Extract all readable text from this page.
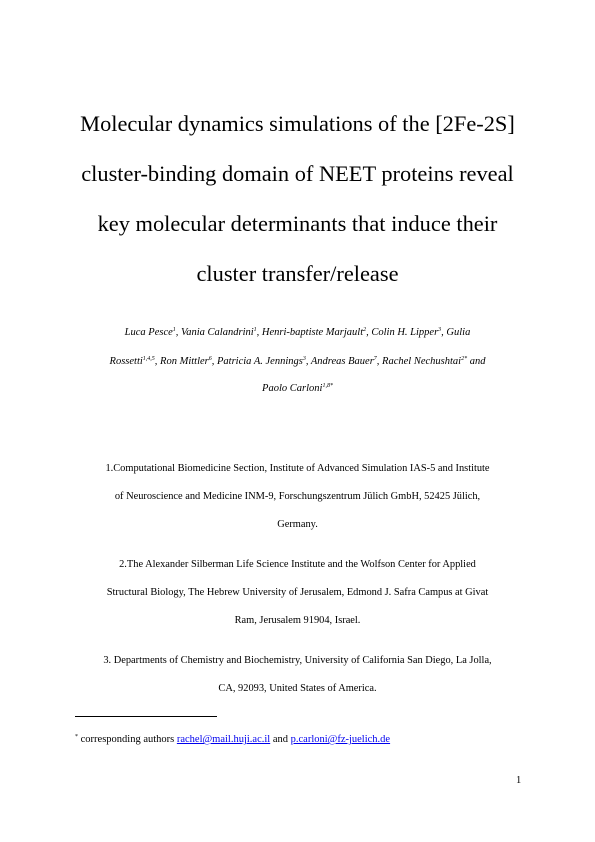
Molecular dynamics simulations of the [2Fe-2S]
cluster-binding domain of NEET proteins reveal
key molecular determinants that induce their
cluster transfer/release
Luca Pesce$^1$, Vania Calandrini$^1$, Henri-baptiste Marjault$^2$, Colin H. Lipper$^3$, Gulia
Rossetti$^{1,4,5}$, Ron Mittler$^6$, Patricia A. Jennings$^3$, Andreas Bauer$^7$, Rachel Nechushtai$^{2*}$ and
Paolo Carloni$^{1,8*}$
1.Computational Biomedicine Section, Institute of Advanced Simulation IAS-5 and Institute
of Neuroscience and Medicine INM-9, Forschungszentrum Jülich GmbH, 52425 Jülich,
Germany.
2.The Alexander Silberman Life Science Institute and the Wolfson Center for Applied
Structural Biology, The Hebrew University of Jerusalem, Edmond J. Safra Campus at Givat
Ram, Jerusalem 91904, Israel.
3. Departments of Chemistry and Biochemistry, University of California San Diego, La Jolla,
CA, 92093, United States of America.
* corresponding authors rachel@mail.huji.ac.il and p.carloni@fz-juelich.de
1
